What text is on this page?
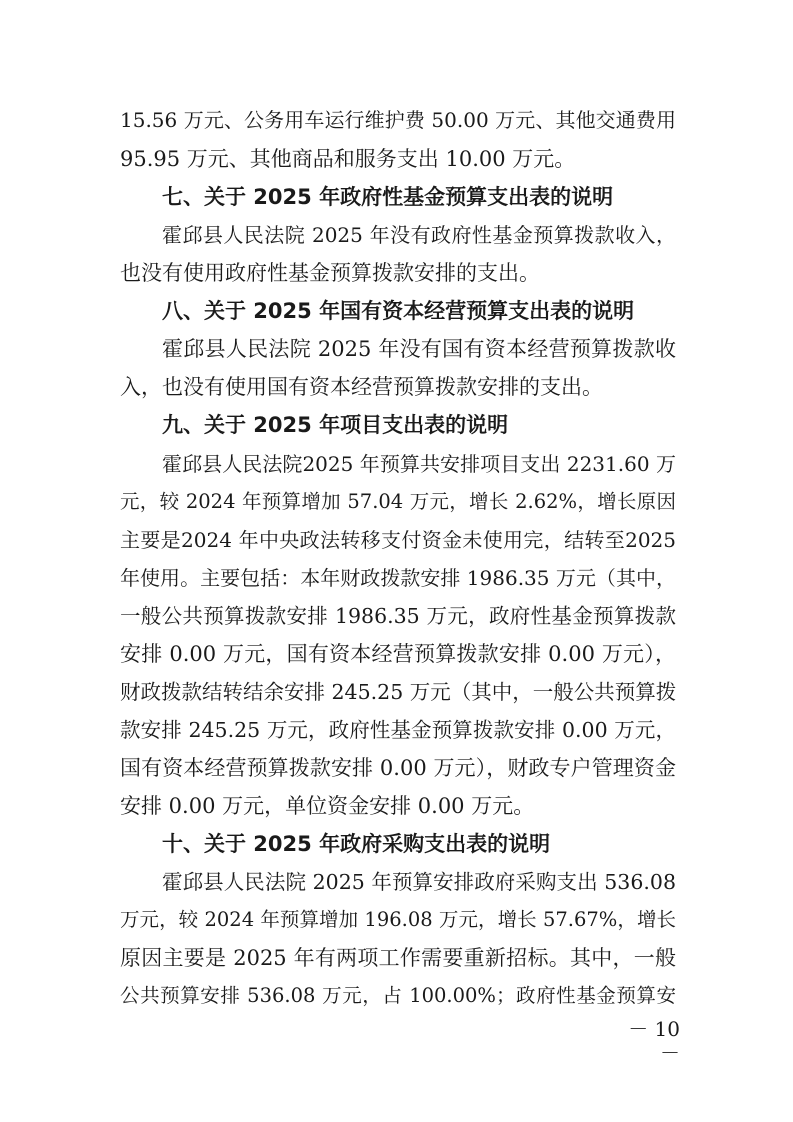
15.56 万元、公务用车运行维护费 50.00 万元、其他交通费用
95.95 万元、其他商品和服务支出 10.00 万元。
七、关于 2025 年政府性基金预算支出表的说明
霍邱县人民法院 2025 年没有政府性基金预算拨款收入，
也没有使用政府性基金预算拨款安排的支出。
八、关于 2025 年国有资本经营预算支出表的说明
霍邱县人民法院 2025 年没有国有资本经营预算拨款收
入，也没有使用国有资本经营预算拨款安排的支出。
九、关于 2025 年项目支出表的说明
霍邱县人民法院2025 年预算共安排项目支出 2231.60 万
元，较 2024 年预算增加 57.04 万元，增长 2.62%，增长原因
主要是2024 年中央政法转移支付资金未使用完，结转至2025
年使用。主要包括：本年财政拨款安排 1986.35 万元（其中，
一般公共预算拨款安排 1986.35 万元，政府性基金预算拨款
安排 0.00 万元，国有资本经营预算拨款安排 0.00 万元），
财政拨款结转结余安排 245.25 万元（其中，一般公共预算拨
款安排 245.25 万元，政府性基金预算拨款安排 0.00 万元，
国有资本经营预算拨款安排 0.00 万元），财政专户管理资金
安排 0.00 万元，单位资金安排 0.00 万元。
十、关于 2025 年政府采购支出表的说明
霍邱县人民法院 2025 年预算安排政府采购支出 536.08
万元，较 2024 年预算增加 196.08 万元，增长 57.67%，增长
原因主要是 2025 年有两项工作需要重新招标。其中，一般
公共预算安排 536.08 万元，占 100.00%；政府性基金预算安
－ 10 －
